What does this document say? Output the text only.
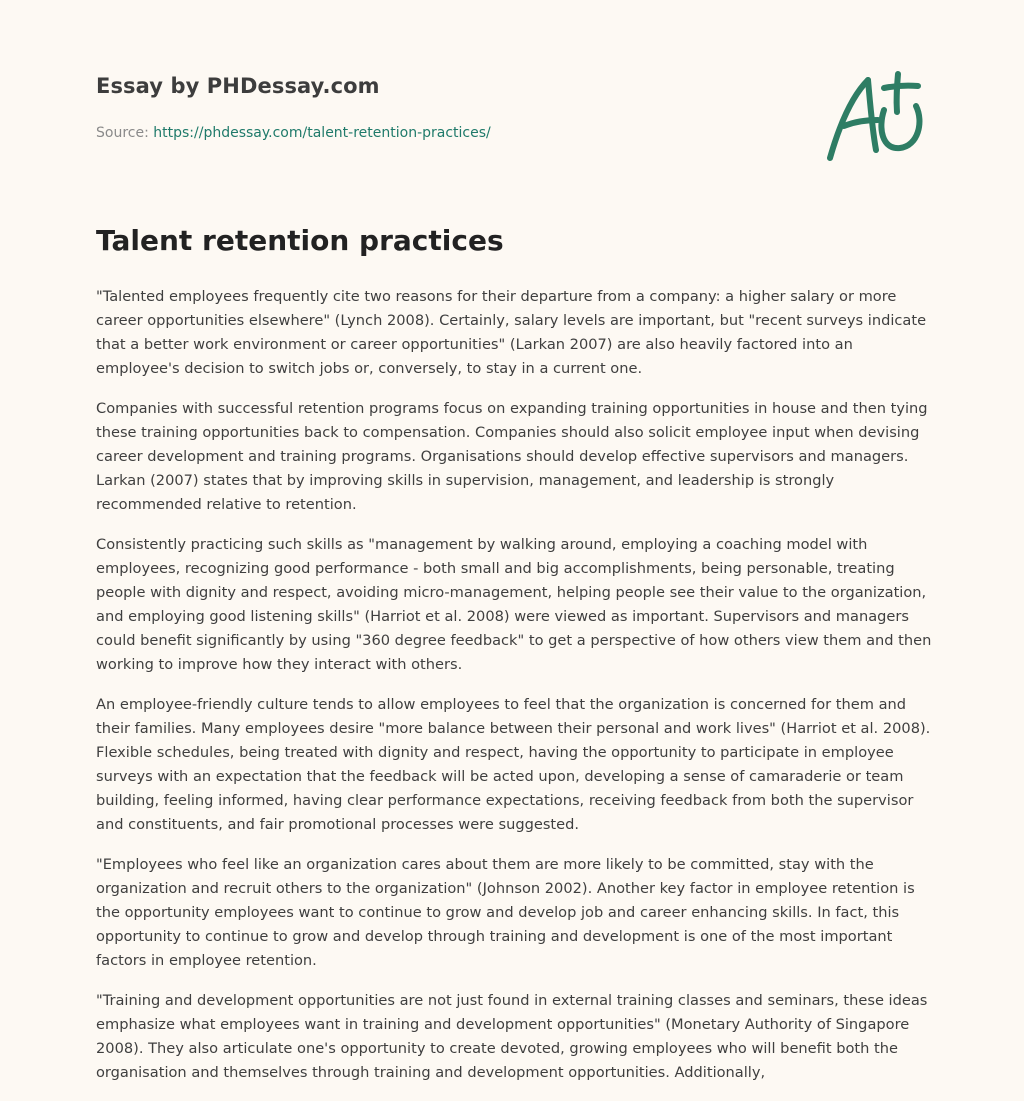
Essay by PHDessay.com
Source: https://phdessay.com/talent-retention-practices/
Talent retention practices

"Talented employees frequently cite two reasons for their departure from a company: a higher salary or more career opportunities elsewhere" (Lynch 2008). Certainly, salary levels are important, but "recent surveys indicate that a better work environment or career opportunities" (Larkan 2007) are also heavily factored into an employee's decision to switch jobs or, conversely, to stay in a current one.

Companies with successful retention programs focus on expanding training opportunities in house and then tying these training opportunities back to compensation. Companies should also solicit employee input when devising career development and training programs. Organisations should develop effective supervisors and managers. Larkan (2007) states that by improving skills in supervision, management, and leadership is strongly recommended relative to retention.

Consistently practicing such skills as "management by walking around, employing a coaching model with employees, recognizing good performance - both small and big accomplishments, being personable, treating people with dignity and respect, avoiding micro-management, helping people see their value to the organization, and employing good listening skills" (Harriot et al. 2008) were viewed as important. Supervisors and managers could benefit significantly by using "360 degree feedback" to get a perspective of how others view them and then working to improve how they interact with others.

An employee-friendly culture tends to allow employees to feel that the organization is concerned for them and their families. Many employees desire "more balance between their personal and work lives" (Harriot et al. 2008). Flexible schedules, being treated with dignity and respect, having the opportunity to participate in employee surveys with an expectation that the feedback will be acted upon, developing a sense of camaraderie or team building, feeling informed, having clear performance expectations, receiving feedback from both the supervisor and constituents, and fair promotional processes were suggested.

"Employees who feel like an organization cares about them are more likely to be committed, stay with the organization and recruit others to the organization" (Johnson 2002). Another key factor in employee retention is the opportunity employees want to continue to grow and develop job and career enhancing skills. In fact, this opportunity to continue to grow and develop through training and development is one of the most important factors in employee retention.

"Training and development opportunities are not just found in external training classes and seminars, these ideas emphasize what employees want in training and development opportunities" (Monetary Authority of Singapore 2008). They also articulate one's opportunity to create devoted, growing employees who will benefit both the organisation and themselves through training and development opportunities. Additionally,
